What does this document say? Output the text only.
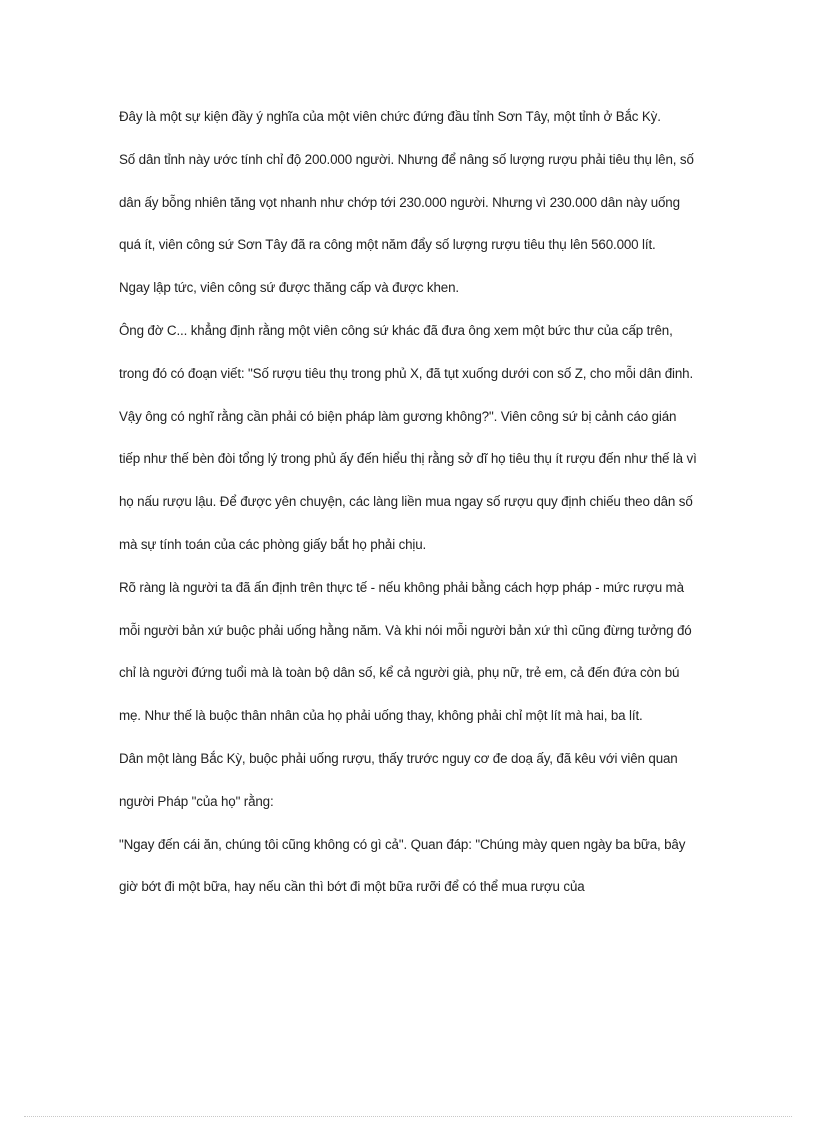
Đây là một sự kiện đầy ý nghĩa của một viên chức đứng đầu tỉnh Sơn Tây, một tỉnh ở Bắc Kỳ.

Số dân tỉnh này ước tính chỉ độ 200.000 người. Nhưng để nâng số lượng rượu phải tiêu thụ lên, số dân ấy bỗng nhiên tăng vọt nhanh như chớp tới 230.000 người. Nhưng vì 230.000 dân này uống quá ít, viên công sứ Sơn Tây đã ra công một năm đẩy số lượng rượu tiêu thụ lên 560.000 lít.

Ngay lập tức, viên công sứ được thăng cấp và được khen.

Ông đờ C... khẳng định rằng một viên công sứ khác đã đưa ông xem một bức thư của cấp trên, trong đó có đoạn viết: "Số rượu tiêu thụ trong phủ X, đã tụt xuống dưới con số Z, cho mỗi dân đinh. Vậy ông có nghĩ rằng cần phải có biện pháp làm gương không?". Viên công sứ bị cảnh cáo gián tiếp như thế bèn đòi tổng lý trong phủ ấy đến hiểu thị rằng sở dĩ họ tiêu thụ ít rượu đến như thế là vì họ nấu rượu lậu. Để được yên chuyện, các làng liền mua ngay số rượu quy định chiếu theo dân số mà sự tính toán của các phòng giấy bắt họ phải chịu.

Rõ ràng là người ta đã ấn định trên thực tế - nếu không phải bằng cách hợp pháp - mức rượu mà mỗi người bản xứ buộc phải uống hằng năm. Và khi nói mỗi người bản xứ thì cũng đừng tưởng đó chỉ là người đứng tuổi mà là toàn bộ dân số, kể cả người già, phụ nữ, trẻ em, cả đến đứa còn bú mẹ. Như thế là buộc thân nhân của họ phải uống thay, không phải chỉ một lít mà hai, ba lít.

Dân một làng Bắc Kỳ, buộc phải uống rượu, thấy trước nguy cơ đe doạ ấy, đã kêu với viên quan người Pháp "của họ" rằng:

"Ngay đến cái ăn, chúng tôi cũng không có gì cả". Quan đáp: "Chúng mày quen ngày ba bữa, bây giờ bớt đi một bữa, hay nếu cần thì bớt đi một bữa rưỡi để có thể mua rượu của
